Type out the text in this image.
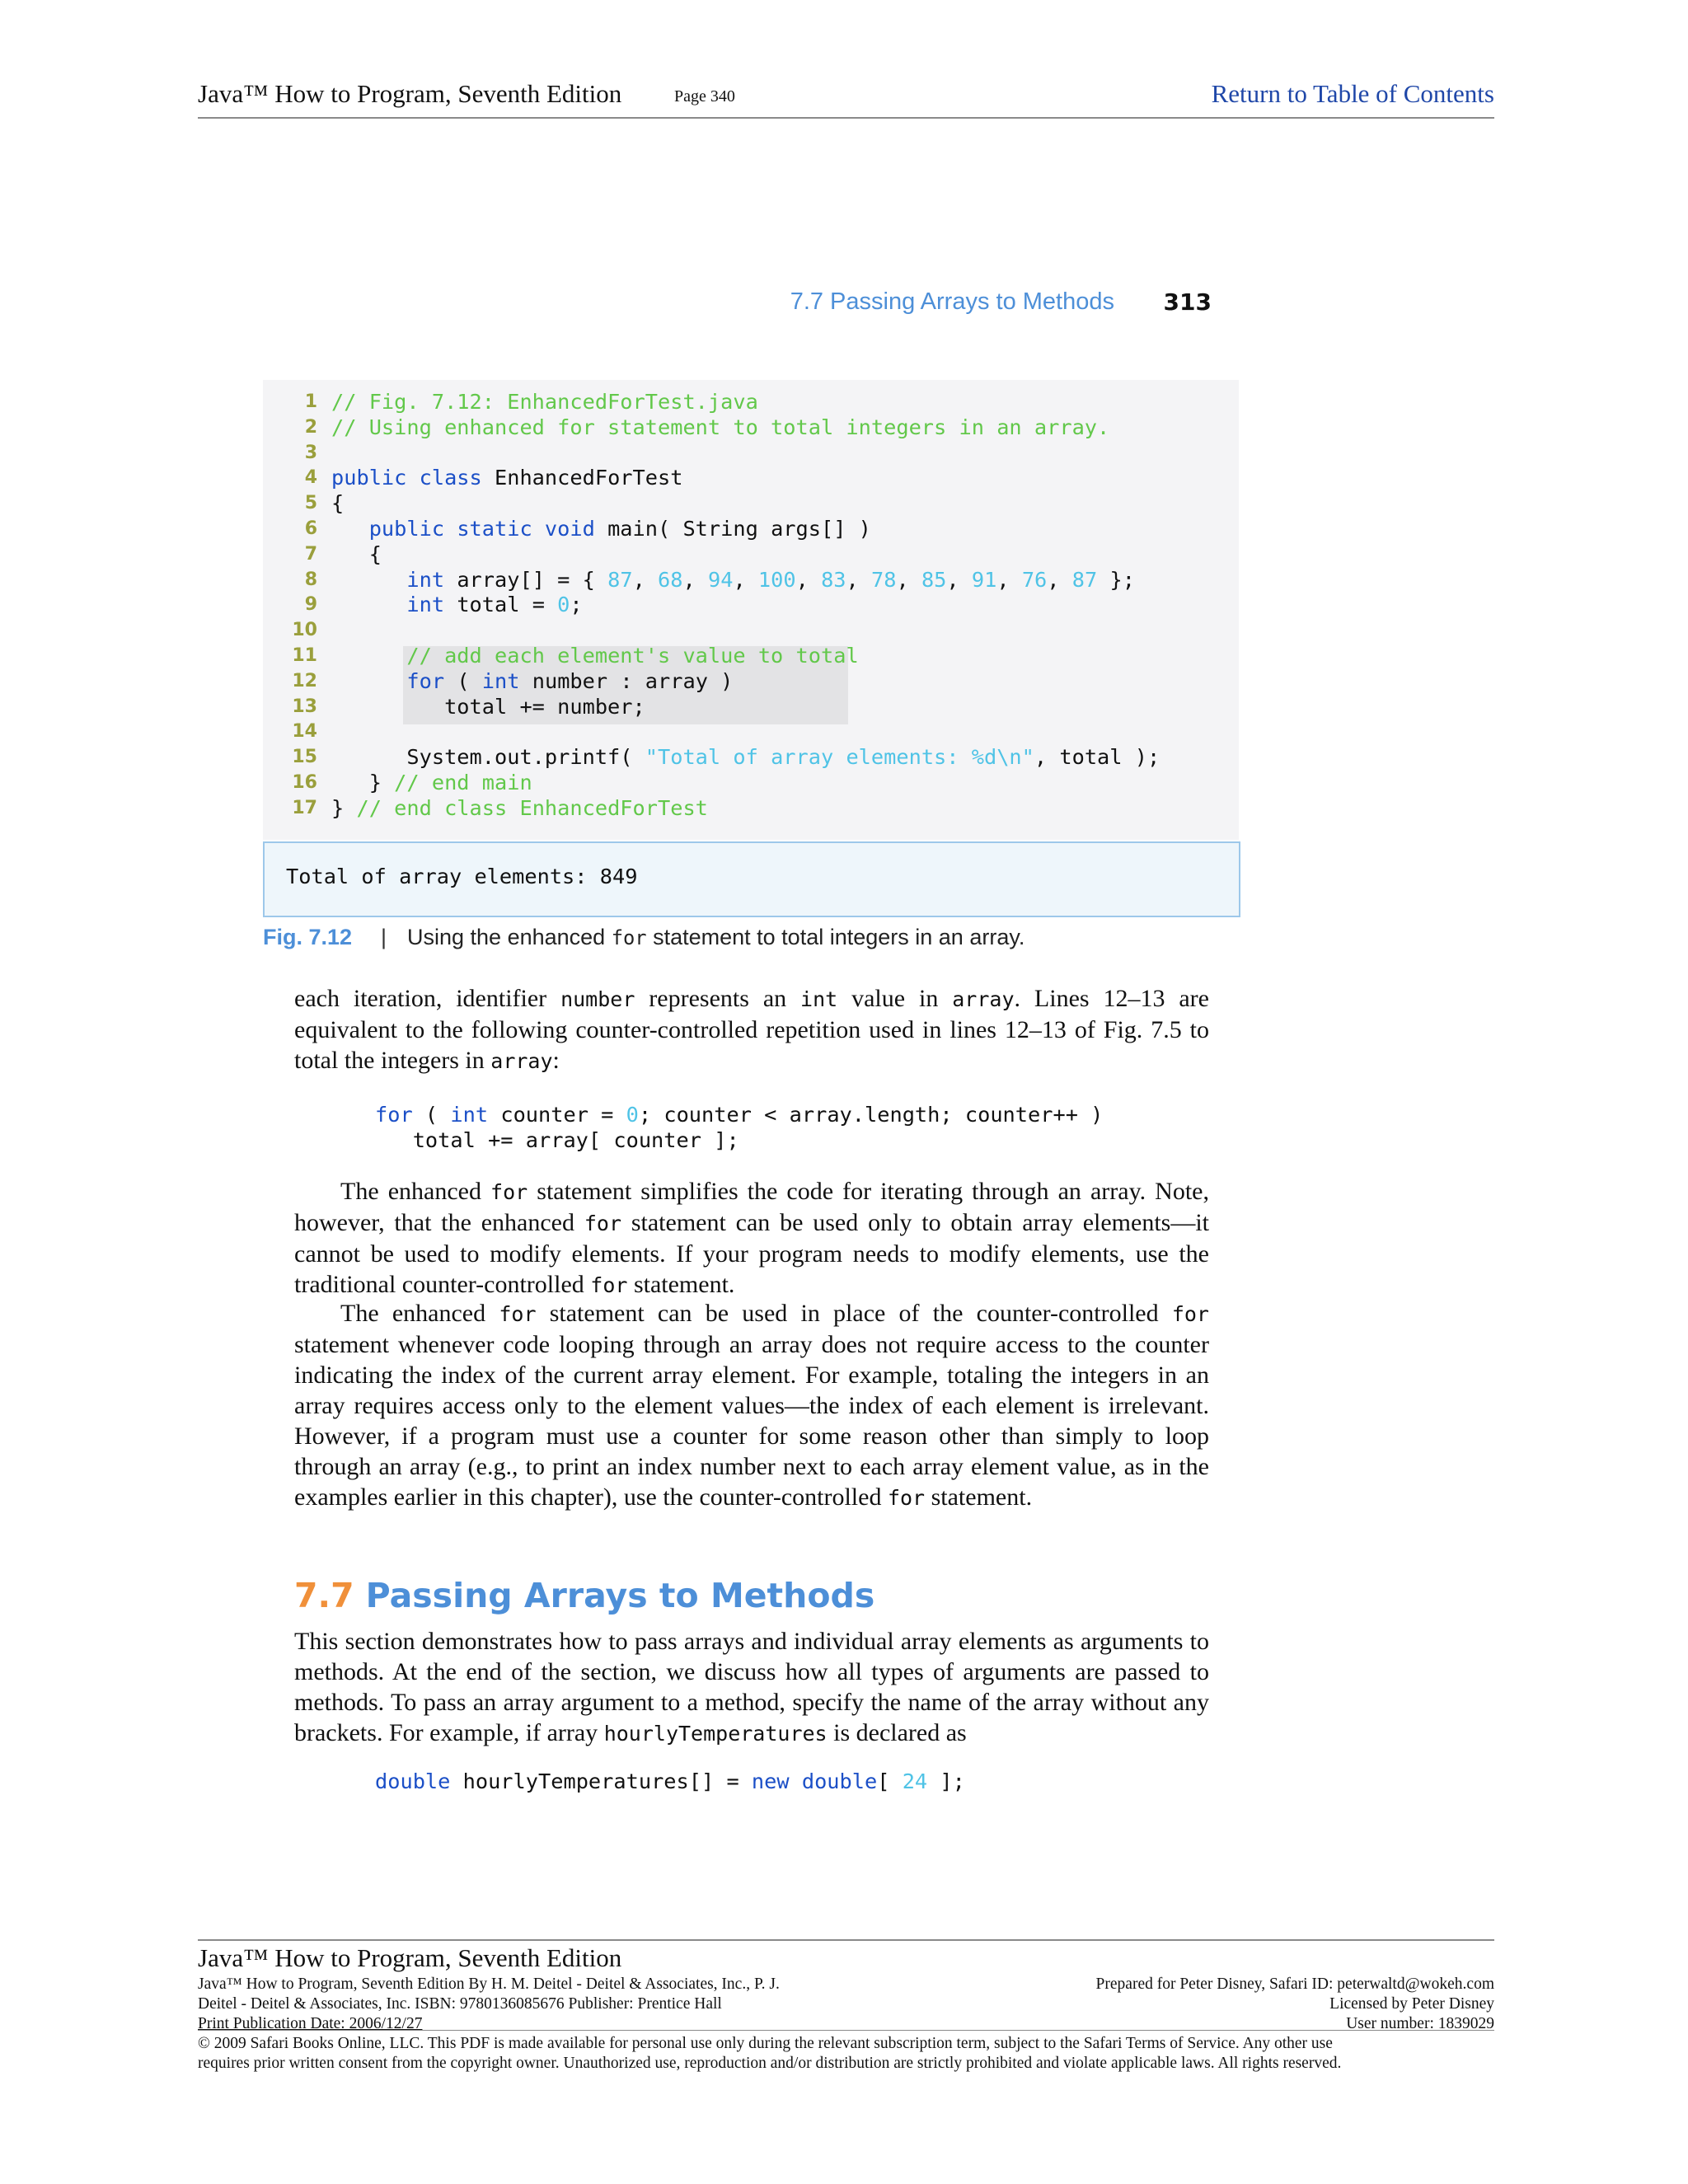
Java™ How to Program, Seventh Edition	Page 340	Return to Table of Contents
7.7 Passing Arrays to Methods 313
1 // Fig. 7.12: EnhancedForTest.java
2 // Using enhanced for statement to total integers in an array.
3
4 public class EnhancedForTest
5 {
6	public static void main( String args[] )
7 {
8	int array[] = { 87, 68, 94, 100, 83, 78, 85, 91, 76, 87 };
9	int total = 0;
10
11	// add each element's value to total
12	for ( int number : array )
13 total += number;
14
15 System.out.printf( "Total of array elements: %d\n", total );
16 } // end main
17 } // end class EnhancedForTest
Total of array elements: 849
Fig. 7.12 | Using the enhanced for statement to total integers in an array.
each iteration, identifier number represents an int value in array. Lines 12–13 are equivalent to the following counter-controlled repetition used in lines 12–13 of Fig. 7.5 to total the integers in array:
for ( int counter = 0; counter < array.length; counter++ )
total += array[ counter ];
The enhanced for statement simplifies the code for iterating through an array. Note, however, that the enhanced for statement can be used only to obtain array elements—it cannot be used to modify elements. If your program needs to modify elements, use the traditional counter-controlled for statement.
The enhanced for statement can be used in place of the counter-controlled for statement whenever code looping through an array does not require access to the counter indicating the index of the current array element. For example, totaling the integers in an array requires access only to the element values—the index of each element is irrelevant. However, if a program must use a counter for some reason other than simply to loop through an array (e.g., to print an index number next to each array element value, as in the examples earlier in this chapter), use the counter-controlled for statement.
7.7 Passing Arrays to Methods
This section demonstrates how to pass arrays and individual array elements as arguments to methods. At the end of the section, we discuss how all types of arguments are passed to methods. To pass an array argument to a method, specify the name of the array without any brackets. For example, if array hourlyTemperatures is declared as
double hourlyTemperatures[] = new double[ 24 ];
Java™ How to Program, Seventh Edition
Java™ How to Program, Seventh Edition By H. M. Deitel - Deitel & Associates, Inc., P. J.
Deitel - Deitel & Associates, Inc. ISBN: 9780136085676 Publisher: Prentice Hall
Print Publication Date: 2006/12/27
Prepared for Peter Disney, Safari ID: peterwaltd@wokeh.com
Licensed by Peter Disney
User number: 1839029
© 2009 Safari Books Online, LLC. This PDF is made available for personal use only during the relevant subscription term, subject to the Safari Terms of Service. Any other use
requires prior written consent from the copyright owner. Unauthorized use, reproduction and/or distribution are strictly prohibited and violate applicable laws. All rights reserved.
